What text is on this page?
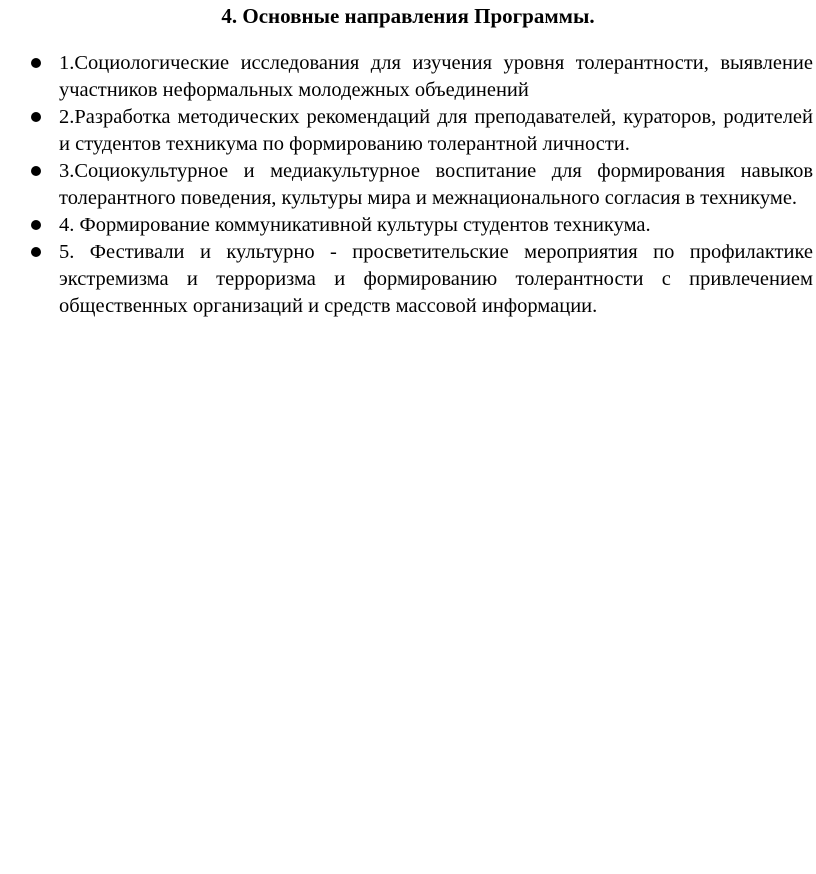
4. Основные направления Программы.
1.Социологические исследования для изучения уровня толерантности, выявление участников неформальных молодежных объединений
2.Разработка методических рекомендаций для преподавателей, кураторов, родителей и студентов техникума по формированию толерантной личности.
3.Социокультурное и медиакультурное воспитание для формирования навыков толерантного поведения, культуры мира и межнационального согласия в техникуме.
4. Формирование коммуникативной культуры студентов техникума.
5. Фестивали и культурно - просветительские мероприятия по профилактике экстремизма и терроризма и формированию толерантности с привлечением общественных организаций и средств массовой информации.
